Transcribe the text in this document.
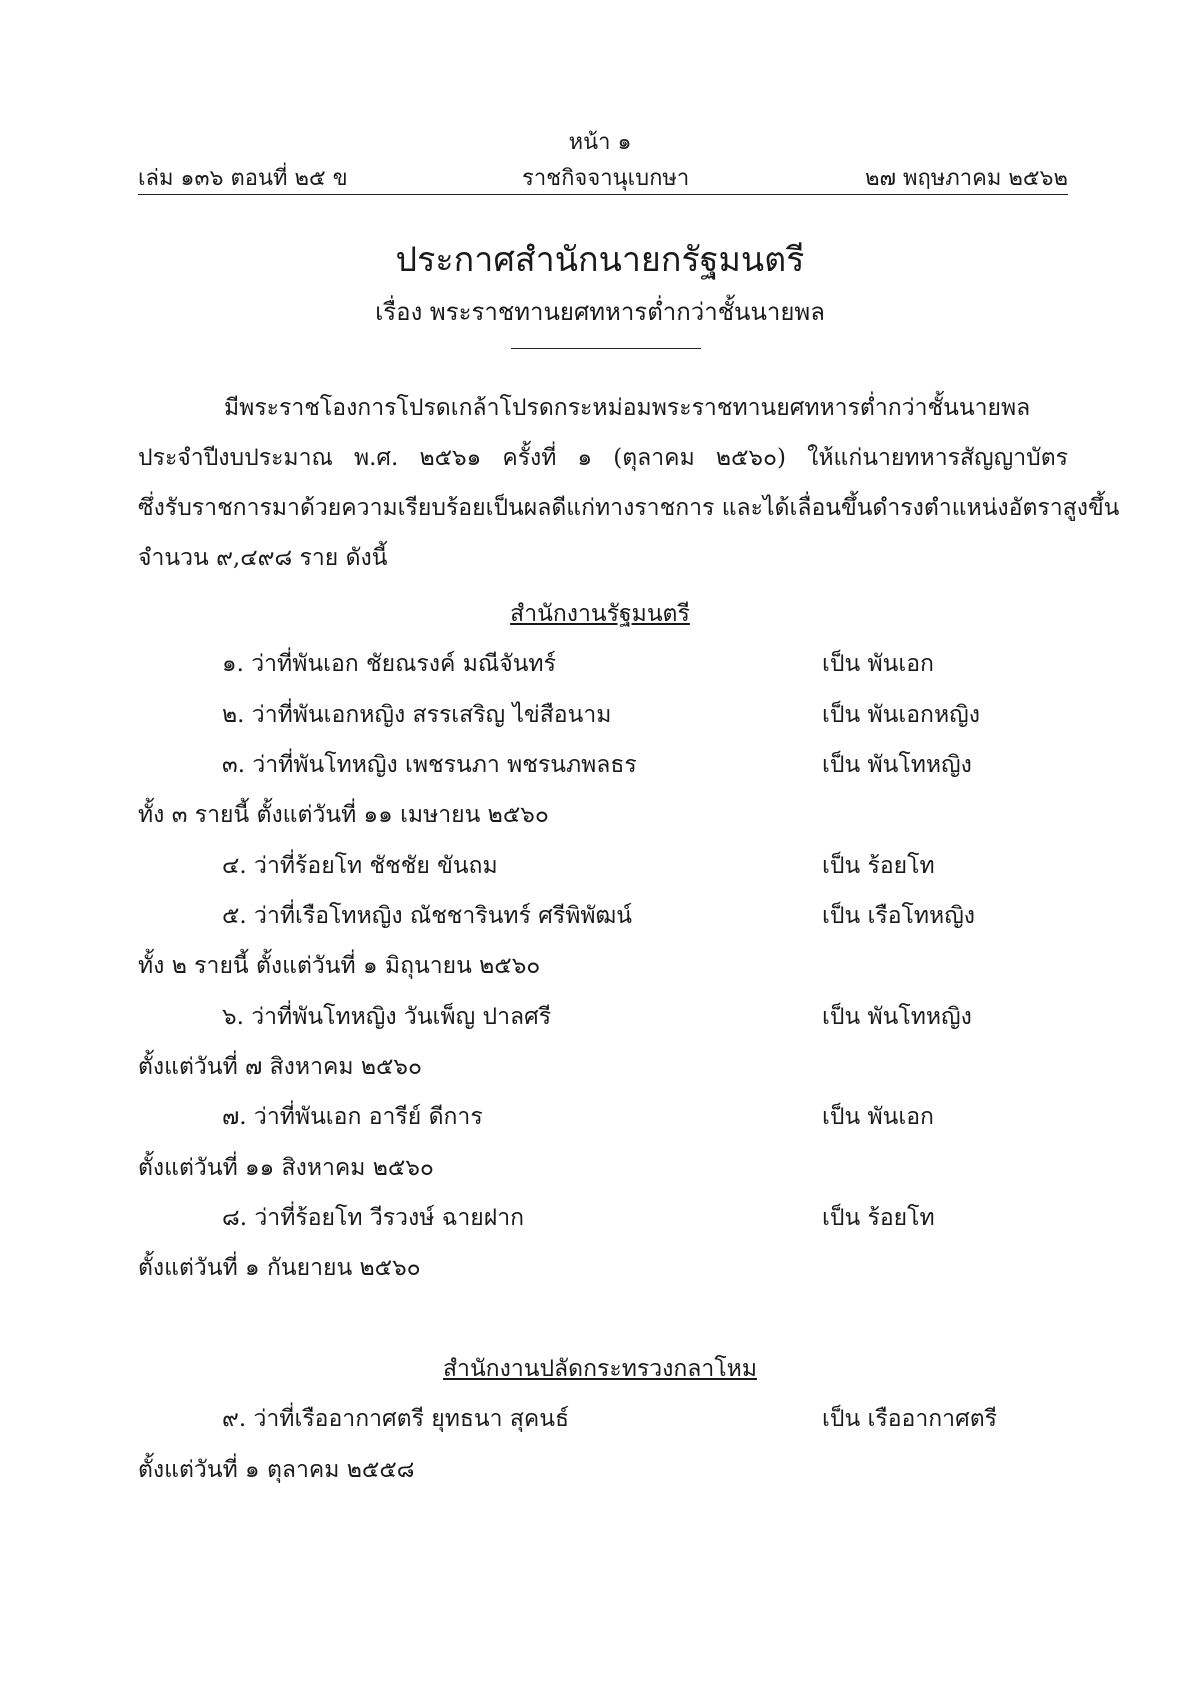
หน้า ๑
เล่ม ๑๓๖ ตอนที่ ๒๕ ข	ราชกิจจานุเบกษา	๒๗ พฤษภาคม ๒๕๖๒
ประกาศสำนักนายกรัฐมนตรี
เรื่อง พระราชทานยศทหารต่ำกว่าชั้นนายพล
มีพระราชโองการโปรดเกล้าโปรดกระหม่อมพระราชทานยศทหารต่ำกว่าชั้นนายพล
ประจำปีงบประมาณ พ.ศ. ๒๕๖๑ ครั้งที่ ๑ (ตุลาคม ๒๕๖๐) ให้แก่นายทหารสัญญาบัตร
ซึ่งรับราชการมาด้วยความเรียบร้อยเป็นผลดีแก่ทางราชการ และได้เลื่อนขึ้นดำรงตำแหน่งอัตราสูงขึ้น
จำนวน ๙,๔๙๘ ราย ดังนี้
สำนักงานรัฐมนตรี
๑. ว่าที่พันเอก ชัยณรงค์ มณีจันทร์	เป็น พันเอก
๒. ว่าที่พันเอกหญิง สรรเสริญ ไข่สือนาม	เป็น พันเอกหญิง
๓. ว่าที่พันโทหญิง เพชรนภา พชรนภพลธร	เป็น พันโทหญิง
ทั้ง ๓ รายนี้ ตั้งแต่วันที่ ๑๑ เมษายน ๒๕๖๐
๔. ว่าที่ร้อยโท ชัชชัย ขันถม	เป็น ร้อยโท
๕. ว่าที่เรือโทหญิง ณัชชารินทร์ ศรีพิพัฒน์	เป็น เรือโทหญิง
ทั้ง ๒ รายนี้ ตั้งแต่วันที่ ๑ มิถุนายน ๒๕๖๐
๖. ว่าที่พันโทหญิง วันเพ็ญ ปาลศรี	เป็น พันโทหญิง
ตั้งแต่วันที่ ๗ สิงหาคม ๒๕๖๐
๗. ว่าที่พันเอก อารีย์ ดีการ	เป็น พันเอก
ตั้งแต่วันที่ ๑๑ สิงหาคม ๒๕๖๐
๘. ว่าที่ร้อยโท วีรวงษ์ ฉายฝาก	เป็น ร้อยโท
ตั้งแต่วันที่ ๑ กันยายน ๒๕๖๐
สำนักงานปลัดกระทรวงกลาโหม
๙. ว่าที่เรืออากาศตรี ยุทธนา สุคนธ์	เป็น เรืออากาศตรี
ตั้งแต่วันที่ ๑ ตุลาคม ๒๕๕๘
